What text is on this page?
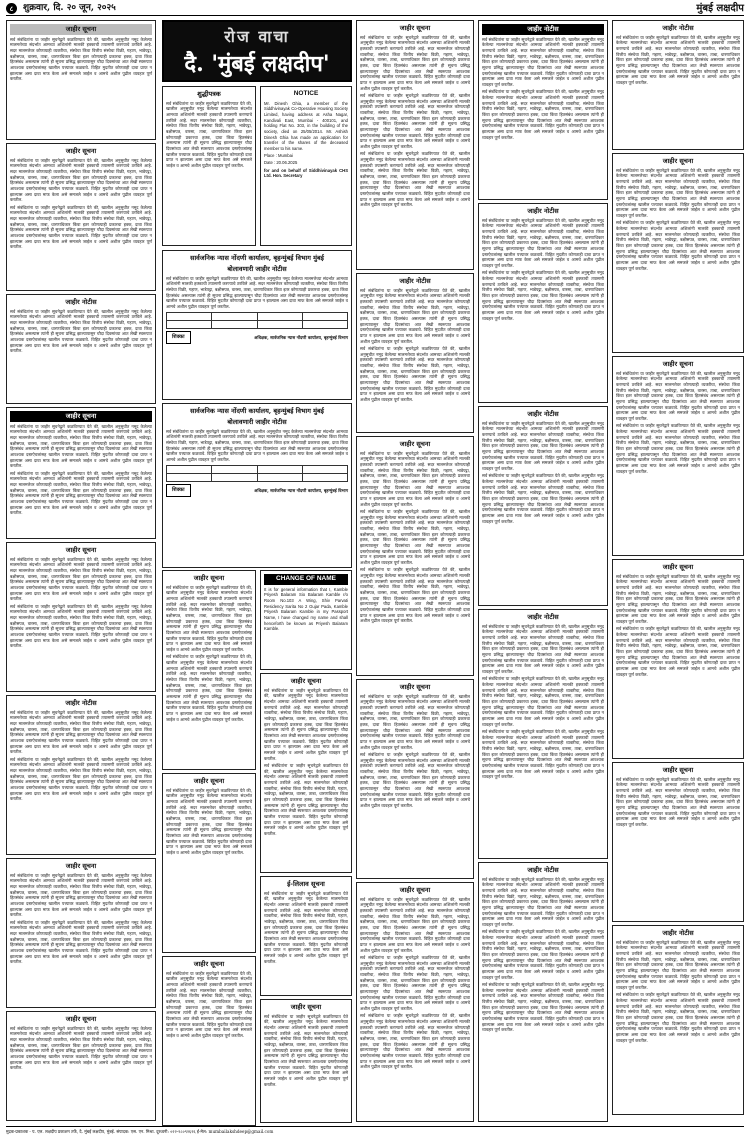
८	शुक्रवार, दि. २० जून, २०२५	मुंबई लक्षदीप
जाहीर सूचना

सर्व संबंधितांना या जाहीर सूचनेद्वारे कळविण्यात येते की, खालील अनुसूचीत नमूद केलेल्या मालमत्तेच्या संदर्भात आमच्या अशिलांनी मालकी हक्काची तपासणी करण्याचे ठरविले आहे. सदर मालमत्तेवर कोणत्याही व्यक्तीचा, संस्थेचा किंवा वित्तीय संस्थेचा विक्री, गहाण, भाडेपट्टा, बक्षीसपत्र, वारसा, ताबा, धारणाधिकार किंवा इतर कोणत्याही प्रकारचा हक्क, दावा किंवा हितसंबंध असल्यास त्यांनी ही सूचना प्रसिद्ध झाल्यापासून चौदा दिवसांच्या आत लेखी स्वरूपात आवश्यक दस्तऐवजांसह खालील पत्त्यावर कळवावे. विहित मुदतीत कोणताही दावा प्राप्त न झाल्यास असा दावा माफ केला असे समजले जाईल व आमचे अशील पुढील व्यवहार पूर्ण करतील.

जाहीर सूचना

सर्व संबंधितांना या जाहीर सूचनेद्वारे कळविण्यात येते की, खालील अनुसूचीत नमूद केलेल्या मालमत्तेच्या संदर्भात आमच्या अशिलांनी मालकी हक्काची तपासणी करण्याचे ठरविले आहे. सदर मालमत्तेवर कोणत्याही व्यक्तीचा, संस्थेचा किंवा वित्तीय संस्थेचा विक्री, गहाण, भाडेपट्टा, बक्षीसपत्र, वारसा, ताबा, धारणाधिकार किंवा इतर कोणत्याही प्रकारचा हक्क, दावा किंवा हितसंबंध असल्यास त्यांनी ही सूचना प्रसिद्ध झाल्यापासून चौदा दिवसांच्या आत लेखी स्वरूपात आवश्यक दस्तऐवजांसह खालील पत्त्यावर कळवावे. विहित मुदतीत कोणताही दावा प्राप्त न झाल्यास असा दावा माफ केला असे समजले जाईल व आमचे अशील पुढील व्यवहार पूर्ण करतील.

सर्व संबंधितांना या जाहीर सूचनेद्वारे कळविण्यात येते की, खालील अनुसूचीत नमूद केलेल्या मालमत्तेच्या संदर्भात आमच्या अशिलांनी मालकी हक्काची तपासणी करण्याचे ठरविले आहे. सदर मालमत्तेवर कोणत्याही व्यक्तीचा, संस्थेचा किंवा वित्तीय संस्थेचा विक्री, गहाण, भाडेपट्टा, बक्षीसपत्र, वारसा, ताबा, धारणाधिकार किंवा इतर कोणत्याही प्रकारचा हक्क, दावा किंवा हितसंबंध असल्यास त्यांनी ही सूचना प्रसिद्ध झाल्यापासून चौदा दिवसांच्या आत लेखी स्वरूपात आवश्यक दस्तऐवजांसह खालील पत्त्यावर कळवावे. विहित मुदतीत कोणताही दावा प्राप्त न झाल्यास असा दावा माफ केला असे समजले जाईल व आमचे अशील पुढील व्यवहार पूर्ण करतील.

जाहीर नोटीस

सर्व संबंधितांना या जाहीर सूचनेद्वारे कळविण्यात येते की, खालील अनुसूचीत नमूद केलेल्या मालमत्तेच्या संदर्भात आमच्या अशिलांनी मालकी हक्काची तपासणी करण्याचे ठरविले आहे. सदर मालमत्तेवर कोणत्याही व्यक्तीचा, संस्थेचा किंवा वित्तीय संस्थेचा विक्री, गहाण, भाडेपट्टा, बक्षीसपत्र, वारसा, ताबा, धारणाधिकार किंवा इतर कोणत्याही प्रकारचा हक्क, दावा किंवा हितसंबंध असल्यास त्यांनी ही सूचना प्रसिद्ध झाल्यापासून चौदा दिवसांच्या आत लेखी स्वरूपात आवश्यक दस्तऐवजांसह खालील पत्त्यावर कळवावे. विहित मुदतीत कोणताही दावा प्राप्त न झाल्यास असा दावा माफ केला असे समजले जाईल व आमचे अशील पुढील व्यवहार पूर्ण करतील.

जाहीर सूचना

सर्व संबंधितांना या जाहीर सूचनेद्वारे कळविण्यात येते की, खालील अनुसूचीत नमूद केलेल्या मालमत्तेच्या संदर्भात आमच्या अशिलांनी मालकी हक्काची तपासणी करण्याचे ठरविले आहे. सदर मालमत्तेवर कोणत्याही व्यक्तीचा, संस्थेचा किंवा वित्तीय संस्थेचा विक्री, गहाण, भाडेपट्टा, बक्षीसपत्र, वारसा, ताबा, धारणाधिकार किंवा इतर कोणत्याही प्रकारचा हक्क, दावा किंवा हितसंबंध असल्यास त्यांनी ही सूचना प्रसिद्ध झाल्यापासून चौदा दिवसांच्या आत लेखी स्वरूपात आवश्यक दस्तऐवजांसह खालील पत्त्यावर कळवावे. विहित मुदतीत कोणताही दावा प्राप्त न झाल्यास असा दावा माफ केला असे समजले जाईल व आमचे अशील पुढील व्यवहार पूर्ण करतील.

सर्व संबंधितांना या जाहीर सूचनेद्वारे कळविण्यात येते की, खालील अनुसूचीत नमूद केलेल्या मालमत्तेच्या संदर्भात आमच्या अशिलांनी मालकी हक्काची तपासणी करण्याचे ठरविले आहे. सदर मालमत्तेवर कोणत्याही व्यक्तीचा, संस्थेचा किंवा वित्तीय संस्थेचा विक्री, गहाण, भाडेपट्टा, बक्षीसपत्र, वारसा, ताबा, धारणाधिकार किंवा इतर कोणत्याही प्रकारचा हक्क, दावा किंवा हितसंबंध असल्यास त्यांनी ही सूचना प्रसिद्ध झाल्यापासून चौदा दिवसांच्या आत लेखी स्वरूपात आवश्यक दस्तऐवजांसह खालील पत्त्यावर कळवावे. विहित मुदतीत कोणताही दावा प्राप्त न झाल्यास असा दावा माफ केला असे समजले जाईल व आमचे अशील पुढील व्यवहार पूर्ण करतील.

जाहीर सूचना

सर्व संबंधितांना या जाहीर सूचनेद्वारे कळविण्यात येते की, खालील अनुसूचीत नमूद केलेल्या मालमत्तेच्या संदर्भात आमच्या अशिलांनी मालकी हक्काची तपासणी करण्याचे ठरविले आहे. सदर मालमत्तेवर कोणत्याही व्यक्तीचा, संस्थेचा किंवा वित्तीय संस्थेचा विक्री, गहाण, भाडेपट्टा, बक्षीसपत्र, वारसा, ताबा, धारणाधिकार किंवा इतर कोणत्याही प्रकारचा हक्क, दावा किंवा हितसंबंध असल्यास त्यांनी ही सूचना प्रसिद्ध झाल्यापासून चौदा दिवसांच्या आत लेखी स्वरूपात आवश्यक दस्तऐवजांसह खालील पत्त्यावर कळवावे. विहित मुदतीत कोणताही दावा प्राप्त न झाल्यास असा दावा माफ केला असे समजले जाईल व आमचे अशील पुढील व्यवहार पूर्ण करतील.

सर्व संबंधितांना या जाहीर सूचनेद्वारे कळविण्यात येते की, खालील अनुसूचीत नमूद केलेल्या मालमत्तेच्या संदर्भात आमच्या अशिलांनी मालकी हक्काची तपासणी करण्याचे ठरविले आहे. सदर मालमत्तेवर कोणत्याही व्यक्तीचा, संस्थेचा किंवा वित्तीय संस्थेचा विक्री, गहाण, भाडेपट्टा, बक्षीसपत्र, वारसा, ताबा, धारणाधिकार किंवा इतर कोणत्याही प्रकारचा हक्क, दावा किंवा हितसंबंध असल्यास त्यांनी ही सूचना प्रसिद्ध झाल्यापासून चौदा दिवसांच्या आत लेखी स्वरूपात आवश्यक दस्तऐवजांसह खालील पत्त्यावर कळवावे. विहित मुदतीत कोणताही दावा प्राप्त न झाल्यास असा दावा माफ केला असे समजले जाईल व आमचे अशील पुढील व्यवहार पूर्ण करतील.

जाहीर नोटीस

सर्व संबंधितांना या जाहीर सूचनेद्वारे कळविण्यात येते की, खालील अनुसूचीत नमूद केलेल्या मालमत्तेच्या संदर्भात आमच्या अशिलांनी मालकी हक्काची तपासणी करण्याचे ठरविले आहे. सदर मालमत्तेवर कोणत्याही व्यक्तीचा, संस्थेचा किंवा वित्तीय संस्थेचा विक्री, गहाण, भाडेपट्टा, बक्षीसपत्र, वारसा, ताबा, धारणाधिकार किंवा इतर कोणत्याही प्रकारचा हक्क, दावा किंवा हितसंबंध असल्यास त्यांनी ही सूचना प्रसिद्ध झाल्यापासून चौदा दिवसांच्या आत लेखी स्वरूपात आवश्यक दस्तऐवजांसह खालील पत्त्यावर कळवावे. विहित मुदतीत कोणताही दावा प्राप्त न झाल्यास असा दावा माफ केला असे समजले जाईल व आमचे अशील पुढील व्यवहार पूर्ण करतील.

सर्व संबंधितांना या जाहीर सूचनेद्वारे कळविण्यात येते की, खालील अनुसूचीत नमूद केलेल्या मालमत्तेच्या संदर्भात आमच्या अशिलांनी मालकी हक्काची तपासणी करण्याचे ठरविले आहे. सदर मालमत्तेवर कोणत्याही व्यक्तीचा, संस्थेचा किंवा वित्तीय संस्थेचा विक्री, गहाण, भाडेपट्टा, बक्षीसपत्र, वारसा, ताबा, धारणाधिकार किंवा इतर कोणत्याही प्रकारचा हक्क, दावा किंवा हितसंबंध असल्यास त्यांनी ही सूचना प्रसिद्ध झाल्यापासून चौदा दिवसांच्या आत लेखी स्वरूपात आवश्यक दस्तऐवजांसह खालील पत्त्यावर कळवावे. विहित मुदतीत कोणताही दावा प्राप्त न झाल्यास असा दावा माफ केला असे समजले जाईल व आमचे अशील पुढील व्यवहार पूर्ण करतील.

जाहीर सूचना

सर्व संबंधितांना या जाहीर सूचनेद्वारे कळविण्यात येते की, खालील अनुसूचीत नमूद केलेल्या मालमत्तेच्या संदर्भात आमच्या अशिलांनी मालकी हक्काची तपासणी करण्याचे ठरविले आहे. सदर मालमत्तेवर कोणत्याही व्यक्तीचा, संस्थेचा किंवा वित्तीय संस्थेचा विक्री, गहाण, भाडेपट्टा, बक्षीसपत्र, वारसा, ताबा, धारणाधिकार किंवा इतर कोणत्याही प्रकारचा हक्क, दावा किंवा हितसंबंध असल्यास त्यांनी ही सूचना प्रसिद्ध झाल्यापासून चौदा दिवसांच्या आत लेखी स्वरूपात आवश्यक दस्तऐवजांसह खालील पत्त्यावर कळवावे. विहित मुदतीत कोणताही दावा प्राप्त न झाल्यास असा दावा माफ केला असे समजले जाईल व आमचे अशील पुढील व्यवहार पूर्ण करतील.

सर्व संबंधितांना या जाहीर सूचनेद्वारे कळविण्यात येते की, खालील अनुसूचीत नमूद केलेल्या मालमत्तेच्या संदर्भात आमच्या अशिलांनी मालकी हक्काची तपासणी करण्याचे ठरविले आहे. सदर मालमत्तेवर कोणत्याही व्यक्तीचा, संस्थेचा किंवा वित्तीय संस्थेचा विक्री, गहाण, भाडेपट्टा, बक्षीसपत्र, वारसा, ताबा, धारणाधिकार किंवा इतर कोणत्याही प्रकारचा हक्क, दावा किंवा हितसंबंध असल्यास त्यांनी ही सूचना प्रसिद्ध झाल्यापासून चौदा दिवसांच्या आत लेखी स्वरूपात आवश्यक दस्तऐवजांसह खालील पत्त्यावर कळवावे. विहित मुदतीत कोणताही दावा प्राप्त न झाल्यास असा दावा माफ केला असे समजले जाईल व आमचे अशील पुढील व्यवहार पूर्ण करतील.

जाहीर सूचना

सर्व संबंधितांना या जाहीर सूचनेद्वारे कळविण्यात येते की, खालील अनुसूचीत नमूद केलेल्या मालमत्तेच्या संदर्भात आमच्या अशिलांनी मालकी हक्काची तपासणी करण्याचे ठरविले आहे. सदर मालमत्तेवर कोणत्याही व्यक्तीचा, संस्थेचा किंवा वित्तीय संस्थेचा विक्री, गहाण, भाडेपट्टा, बक्षीसपत्र, वारसा, ताबा, धारणाधिकार किंवा इतर कोणत्याही प्रकारचा हक्क, दावा किंवा हितसंबंध असल्यास त्यांनी ही सूचना प्रसिद्ध झाल्यापासून चौदा दिवसांच्या आत लेखी स्वरूपात आवश्यक दस्तऐवजांसह खालील पत्त्यावर कळवावे. विहित मुदतीत कोणताही दावा प्राप्त न झाल्यास असा दावा माफ केला असे समजले जाईल व आमचे अशील पुढील व्यवहार पूर्ण करतील.

रोज वाचा
दै. 'मुंबई लक्षदीप'
शुद्धीपत्रक

सर्व संबंधितांना या जाहीर सूचनेद्वारे कळविण्यात येते की, खालील अनुसूचीत नमूद केलेल्या मालमत्तेच्या संदर्भात आमच्या अशिलांनी मालकी हक्काची तपासणी करण्याचे ठरविले आहे. सदर मालमत्तेवर कोणत्याही व्यक्तीचा, संस्थेचा किंवा वित्तीय संस्थेचा विक्री, गहाण, भाडेपट्टा, बक्षीसपत्र, वारसा, ताबा, धारणाधिकार किंवा इतर कोणत्याही प्रकारचा हक्क, दावा किंवा हितसंबंध असल्यास त्यांनी ही सूचना प्रसिद्ध झाल्यापासून चौदा दिवसांच्या आत लेखी स्वरूपात आवश्यक दस्तऐवजांसह खालील पत्त्यावर कळवावे. विहित मुदतीत कोणताही दावा प्राप्त न झाल्यास असा दावा माफ केला असे समजले जाईल व आमचे अशील पुढील व्यवहार पूर्ण करतील.

NOTICE

Mr. Dinesh Ghia, a member of the Siddhivinayak Co-Operative Housing Society Limited, having address at Asha Nagar, Kandivali East, Mumbai - 400101, and holding Flat No. 303, in the building of the society, died on 25/05/2014. Mr. Ashish Dinesh Ghia has made an application for transfer of the shares of the deceased member to his name.

Place : Mumbai

Date : 20.06.2025

for and on behalf of Siddhivinayak CHS Ltd. Hon. Secretary

सार्वजनिक न्यास नोंदणी कार्यालय, बृहन्मुंबई विभाग मुंबई
बोलावणारी जाहीर नोटीस

सर्व संबंधितांना या जाहीर सूचनेद्वारे कळविण्यात येते की, खालील अनुसूचीत नमूद केलेल्या मालमत्तेच्या संदर्भात आमच्या अशिलांनी मालकी हक्काची तपासणी करण्याचे ठरविले आहे. सदर मालमत्तेवर कोणत्याही व्यक्तीचा, संस्थेचा किंवा वित्तीय संस्थेचा विक्री, गहाण, भाडेपट्टा, बक्षीसपत्र, वारसा, ताबा, धारणाधिकार किंवा इतर कोणत्याही प्रकारचा हक्क, दावा किंवा हितसंबंध असल्यास त्यांनी ही सूचना प्रसिद्ध झाल्यापासून चौदा दिवसांच्या आत लेखी स्वरूपात आवश्यक दस्तऐवजांसह खालील पत्त्यावर कळवावे. विहित मुदतीत कोणताही दावा प्राप्त न झाल्यास असा दावा माफ केला असे समजले जाईल व आमचे अशील पुढील व्यवहार पूर्ण करतील.

शिक्का	अधिक्षक, सार्वजनिक न्यास नोंदणी कार्यालय, बृहन्मुंबई विभाग
सार्वजनिक न्यास नोंदणी कार्यालय, बृहन्मुंबई विभाग मुंबई
बोलावणारी जाहीर नोटीस

सर्व संबंधितांना या जाहीर सूचनेद्वारे कळविण्यात येते की, खालील अनुसूचीत नमूद केलेल्या मालमत्तेच्या संदर्भात आमच्या अशिलांनी मालकी हक्काची तपासणी करण्याचे ठरविले आहे. सदर मालमत्तेवर कोणत्याही व्यक्तीचा, संस्थेचा किंवा वित्तीय संस्थेचा विक्री, गहाण, भाडेपट्टा, बक्षीसपत्र, वारसा, ताबा, धारणाधिकार किंवा इतर कोणत्याही प्रकारचा हक्क, दावा किंवा हितसंबंध असल्यास त्यांनी ही सूचना प्रसिद्ध झाल्यापासून चौदा दिवसांच्या आत लेखी स्वरूपात आवश्यक दस्तऐवजांसह खालील पत्त्यावर कळवावे. विहित मुदतीत कोणताही दावा प्राप्त न झाल्यास असा दावा माफ केला असे समजले जाईल व आमचे अशील पुढील व्यवहार पूर्ण करतील.

शिक्का	अधिक्षक, सार्वजनिक न्यास नोंदणी कार्यालय, बृहन्मुंबई विभाग
जाहीर सूचना

सर्व संबंधितांना या जाहीर सूचनेद्वारे कळविण्यात येते की, खालील अनुसूचीत नमूद केलेल्या मालमत्तेच्या संदर्भात आमच्या अशिलांनी मालकी हक्काची तपासणी करण्याचे ठरविले आहे. सदर मालमत्तेवर कोणत्याही व्यक्तीचा, संस्थेचा किंवा वित्तीय संस्थेचा विक्री, गहाण, भाडेपट्टा, बक्षीसपत्र, वारसा, ताबा, धारणाधिकार किंवा इतर कोणत्याही प्रकारचा हक्क, दावा किंवा हितसंबंध असल्यास त्यांनी ही सूचना प्रसिद्ध झाल्यापासून चौदा दिवसांच्या आत लेखी स्वरूपात आवश्यक दस्तऐवजांसह खालील पत्त्यावर कळवावे. विहित मुदतीत कोणताही दावा प्राप्त न झाल्यास असा दावा माफ केला असे समजले जाईल व आमचे अशील पुढील व्यवहार पूर्ण करतील.

सर्व संबंधितांना या जाहीर सूचनेद्वारे कळविण्यात येते की, खालील अनुसूचीत नमूद केलेल्या मालमत्तेच्या संदर्भात आमच्या अशिलांनी मालकी हक्काची तपासणी करण्याचे ठरविले आहे. सदर मालमत्तेवर कोणत्याही व्यक्तीचा, संस्थेचा किंवा वित्तीय संस्थेचा विक्री, गहाण, भाडेपट्टा, बक्षीसपत्र, वारसा, ताबा, धारणाधिकार किंवा इतर कोणत्याही प्रकारचा हक्क, दावा किंवा हितसंबंध असल्यास त्यांनी ही सूचना प्रसिद्ध झाल्यापासून चौदा दिवसांच्या आत लेखी स्वरूपात आवश्यक दस्तऐवजांसह खालील पत्त्यावर कळवावे. विहित मुदतीत कोणताही दावा प्राप्त न झाल्यास असा दावा माफ केला असे समजले जाईल व आमचे अशील पुढील व्यवहार पूर्ण करतील.

जाहीर सूचना

सर्व संबंधितांना या जाहीर सूचनेद्वारे कळविण्यात येते की, खालील अनुसूचीत नमूद केलेल्या मालमत्तेच्या संदर्भात आमच्या अशिलांनी मालकी हक्काची तपासणी करण्याचे ठरविले आहे. सदर मालमत्तेवर कोणत्याही व्यक्तीचा, संस्थेचा किंवा वित्तीय संस्थेचा विक्री, गहाण, भाडेपट्टा, बक्षीसपत्र, वारसा, ताबा, धारणाधिकार किंवा इतर कोणत्याही प्रकारचा हक्क, दावा किंवा हितसंबंध असल्यास त्यांनी ही सूचना प्रसिद्ध झाल्यापासून चौदा दिवसांच्या आत लेखी स्वरूपात आवश्यक दस्तऐवजांसह खालील पत्त्यावर कळवावे. विहित मुदतीत कोणताही दावा प्राप्त न झाल्यास असा दावा माफ केला असे समजले जाईल व आमचे अशील पुढील व्यवहार पूर्ण करतील.

जाहीर सूचना

सर्व संबंधितांना या जाहीर सूचनेद्वारे कळविण्यात येते की, खालील अनुसूचीत नमूद केलेल्या मालमत्तेच्या संदर्भात आमच्या अशिलांनी मालकी हक्काची तपासणी करण्याचे ठरविले आहे. सदर मालमत्तेवर कोणत्याही व्यक्तीचा, संस्थेचा किंवा वित्तीय संस्थेचा विक्री, गहाण, भाडेपट्टा, बक्षीसपत्र, वारसा, ताबा, धारणाधिकार किंवा इतर कोणत्याही प्रकारचा हक्क, दावा किंवा हितसंबंध असल्यास त्यांनी ही सूचना प्रसिद्ध झाल्यापासून चौदा दिवसांच्या आत लेखी स्वरूपात आवश्यक दस्तऐवजांसह खालील पत्त्यावर कळवावे. विहित मुदतीत कोणताही दावा प्राप्त न झाल्यास असा दावा माफ केला असे समजले जाईल व आमचे अशील पुढील व्यवहार पूर्ण करतील.

CHANGE OF NAME

It is for general information that I, Kamble Priyesh Balaram Sio Balaram Kamble r/o Room No.103 A Wing, Shiv Parvati Residency Sarita No 2 Gujar Pada, Kamble Priyesh Balaram Kamble in my Passport Name, I have changed my name and shall henceforth be known as Priyesh Balaram Kamble.

जाहीर सूचना

सर्व संबंधितांना या जाहीर सूचनेद्वारे कळविण्यात येते की, खालील अनुसूचीत नमूद केलेल्या मालमत्तेच्या संदर्भात आमच्या अशिलांनी मालकी हक्काची तपासणी करण्याचे ठरविले आहे. सदर मालमत्तेवर कोणत्याही व्यक्तीचा, संस्थेचा किंवा वित्तीय संस्थेचा विक्री, गहाण, भाडेपट्टा, बक्षीसपत्र, वारसा, ताबा, धारणाधिकार किंवा इतर कोणत्याही प्रकारचा हक्क, दावा किंवा हितसंबंध असल्यास त्यांनी ही सूचना प्रसिद्ध झाल्यापासून चौदा दिवसांच्या आत लेखी स्वरूपात आवश्यक दस्तऐवजांसह खालील पत्त्यावर कळवावे. विहित मुदतीत कोणताही दावा प्राप्त न झाल्यास असा दावा माफ केला असे समजले जाईल व आमचे अशील पुढील व्यवहार पूर्ण करतील.

सर्व संबंधितांना या जाहीर सूचनेद्वारे कळविण्यात येते की, खालील अनुसूचीत नमूद केलेल्या मालमत्तेच्या संदर्भात आमच्या अशिलांनी मालकी हक्काची तपासणी करण्याचे ठरविले आहे. सदर मालमत्तेवर कोणत्याही व्यक्तीचा, संस्थेचा किंवा वित्तीय संस्थेचा विक्री, गहाण, भाडेपट्टा, बक्षीसपत्र, वारसा, ताबा, धारणाधिकार किंवा इतर कोणत्याही प्रकारचा हक्क, दावा किंवा हितसंबंध असल्यास त्यांनी ही सूचना प्रसिद्ध झाल्यापासून चौदा दिवसांच्या आत लेखी स्वरूपात आवश्यक दस्तऐवजांसह खालील पत्त्यावर कळवावे. विहित मुदतीत कोणताही दावा प्राप्त न झाल्यास असा दावा माफ केला असे समजले जाईल व आमचे अशील पुढील व्यवहार पूर्ण करतील.

ई-लिलाव सूचना

सर्व संबंधितांना या जाहीर सूचनेद्वारे कळविण्यात येते की, खालील अनुसूचीत नमूद केलेल्या मालमत्तेच्या संदर्भात आमच्या अशिलांनी मालकी हक्काची तपासणी करण्याचे ठरविले आहे. सदर मालमत्तेवर कोणत्याही व्यक्तीचा, संस्थेचा किंवा वित्तीय संस्थेचा विक्री, गहाण, भाडेपट्टा, बक्षीसपत्र, वारसा, ताबा, धारणाधिकार किंवा इतर कोणत्याही प्रकारचा हक्क, दावा किंवा हितसंबंध असल्यास त्यांनी ही सूचना प्रसिद्ध झाल्यापासून चौदा दिवसांच्या आत लेखी स्वरूपात आवश्यक दस्तऐवजांसह खालील पत्त्यावर कळवावे. विहित मुदतीत कोणताही दावा प्राप्त न झाल्यास असा दावा माफ केला असे समजले जाईल व आमचे अशील पुढील व्यवहार पूर्ण करतील.

जाहीर सूचना

सर्व संबंधितांना या जाहीर सूचनेद्वारे कळविण्यात येते की, खालील अनुसूचीत नमूद केलेल्या मालमत्तेच्या संदर्भात आमच्या अशिलांनी मालकी हक्काची तपासणी करण्याचे ठरविले आहे. सदर मालमत्तेवर कोणत्याही व्यक्तीचा, संस्थेचा किंवा वित्तीय संस्थेचा विक्री, गहाण, भाडेपट्टा, बक्षीसपत्र, वारसा, ताबा, धारणाधिकार किंवा इतर कोणत्याही प्रकारचा हक्क, दावा किंवा हितसंबंध असल्यास त्यांनी ही सूचना प्रसिद्ध झाल्यापासून चौदा दिवसांच्या आत लेखी स्वरूपात आवश्यक दस्तऐवजांसह खालील पत्त्यावर कळवावे. विहित मुदतीत कोणताही दावा प्राप्त न झाल्यास असा दावा माफ केला असे समजले जाईल व आमचे अशील पुढील व्यवहार पूर्ण करतील.

जाहीर सूचना

सर्व संबंधितांना या जाहीर सूचनेद्वारे कळविण्यात येते की, खालील अनुसूचीत नमूद केलेल्या मालमत्तेच्या संदर्भात आमच्या अशिलांनी मालकी हक्काची तपासणी करण्याचे ठरविले आहे. सदर मालमत्तेवर कोणत्याही व्यक्तीचा, संस्थेचा किंवा वित्तीय संस्थेचा विक्री, गहाण, भाडेपट्टा, बक्षीसपत्र, वारसा, ताबा, धारणाधिकार किंवा इतर कोणत्याही प्रकारचा हक्क, दावा किंवा हितसंबंध असल्यास त्यांनी ही सूचना प्रसिद्ध झाल्यापासून चौदा दिवसांच्या आत लेखी स्वरूपात आवश्यक दस्तऐवजांसह खालील पत्त्यावर कळवावे. विहित मुदतीत कोणताही दावा प्राप्त न झाल्यास असा दावा माफ केला असे समजले जाईल व आमचे अशील पुढील व्यवहार पूर्ण करतील.

सर्व संबंधितांना या जाहीर सूचनेद्वारे कळविण्यात येते की, खालील अनुसूचीत नमूद केलेल्या मालमत्तेच्या संदर्भात आमच्या अशिलांनी मालकी हक्काची तपासणी करण्याचे ठरविले आहे. सदर मालमत्तेवर कोणत्याही व्यक्तीचा, संस्थेचा किंवा वित्तीय संस्थेचा विक्री, गहाण, भाडेपट्टा, बक्षीसपत्र, वारसा, ताबा, धारणाधिकार किंवा इतर कोणत्याही प्रकारचा हक्क, दावा किंवा हितसंबंध असल्यास त्यांनी ही सूचना प्रसिद्ध झाल्यापासून चौदा दिवसांच्या आत लेखी स्वरूपात आवश्यक दस्तऐवजांसह खालील पत्त्यावर कळवावे. विहित मुदतीत कोणताही दावा प्राप्त न झाल्यास असा दावा माफ केला असे समजले जाईल व आमचे अशील पुढील व्यवहार पूर्ण करतील.

सर्व संबंधितांना या जाहीर सूचनेद्वारे कळविण्यात येते की, खालील अनुसूचीत नमूद केलेल्या मालमत्तेच्या संदर्भात आमच्या अशिलांनी मालकी हक्काची तपासणी करण्याचे ठरविले आहे. सदर मालमत्तेवर कोणत्याही व्यक्तीचा, संस्थेचा किंवा वित्तीय संस्थेचा विक्री, गहाण, भाडेपट्टा, बक्षीसपत्र, वारसा, ताबा, धारणाधिकार किंवा इतर कोणत्याही प्रकारचा हक्क, दावा किंवा हितसंबंध असल्यास त्यांनी ही सूचना प्रसिद्ध झाल्यापासून चौदा दिवसांच्या आत लेखी स्वरूपात आवश्यक दस्तऐवजांसह खालील पत्त्यावर कळवावे. विहित मुदतीत कोणताही दावा प्राप्त न झाल्यास असा दावा माफ केला असे समजले जाईल व आमचे अशील पुढील व्यवहार पूर्ण करतील.

जाहीर नोटीस

सर्व संबंधितांना या जाहीर सूचनेद्वारे कळविण्यात येते की, खालील अनुसूचीत नमूद केलेल्या मालमत्तेच्या संदर्भात आमच्या अशिलांनी मालकी हक्काची तपासणी करण्याचे ठरविले आहे. सदर मालमत्तेवर कोणत्याही व्यक्तीचा, संस्थेचा किंवा वित्तीय संस्थेचा विक्री, गहाण, भाडेपट्टा, बक्षीसपत्र, वारसा, ताबा, धारणाधिकार किंवा इतर कोणत्याही प्रकारचा हक्क, दावा किंवा हितसंबंध असल्यास त्यांनी ही सूचना प्रसिद्ध झाल्यापासून चौदा दिवसांच्या आत लेखी स्वरूपात आवश्यक दस्तऐवजांसह खालील पत्त्यावर कळवावे. विहित मुदतीत कोणताही दावा प्राप्त न झाल्यास असा दावा माफ केला असे समजले जाईल व आमचे अशील पुढील व्यवहार पूर्ण करतील.

सर्व संबंधितांना या जाहीर सूचनेद्वारे कळविण्यात येते की, खालील अनुसूचीत नमूद केलेल्या मालमत्तेच्या संदर्भात आमच्या अशिलांनी मालकी हक्काची तपासणी करण्याचे ठरविले आहे. सदर मालमत्तेवर कोणत्याही व्यक्तीचा, संस्थेचा किंवा वित्तीय संस्थेचा विक्री, गहाण, भाडेपट्टा, बक्षीसपत्र, वारसा, ताबा, धारणाधिकार किंवा इतर कोणत्याही प्रकारचा हक्क, दावा किंवा हितसंबंध असल्यास त्यांनी ही सूचना प्रसिद्ध झाल्यापासून चौदा दिवसांच्या आत लेखी स्वरूपात आवश्यक दस्तऐवजांसह खालील पत्त्यावर कळवावे. विहित मुदतीत कोणताही दावा प्राप्त न झाल्यास असा दावा माफ केला असे समजले जाईल व आमचे अशील पुढील व्यवहार पूर्ण करतील.

जाहीर सूचना

सर्व संबंधितांना या जाहीर सूचनेद्वारे कळविण्यात येते की, खालील अनुसूचीत नमूद केलेल्या मालमत्तेच्या संदर्भात आमच्या अशिलांनी मालकी हक्काची तपासणी करण्याचे ठरविले आहे. सदर मालमत्तेवर कोणत्याही व्यक्तीचा, संस्थेचा किंवा वित्तीय संस्थेचा विक्री, गहाण, भाडेपट्टा, बक्षीसपत्र, वारसा, ताबा, धारणाधिकार किंवा इतर कोणत्याही प्रकारचा हक्क, दावा किंवा हितसंबंध असल्यास त्यांनी ही सूचना प्रसिद्ध झाल्यापासून चौदा दिवसांच्या आत लेखी स्वरूपात आवश्यक दस्तऐवजांसह खालील पत्त्यावर कळवावे. विहित मुदतीत कोणताही दावा प्राप्त न झाल्यास असा दावा माफ केला असे समजले जाईल व आमचे अशील पुढील व्यवहार पूर्ण करतील.

सर्व संबंधितांना या जाहीर सूचनेद्वारे कळविण्यात येते की, खालील अनुसूचीत नमूद केलेल्या मालमत्तेच्या संदर्भात आमच्या अशिलांनी मालकी हक्काची तपासणी करण्याचे ठरविले आहे. सदर मालमत्तेवर कोणत्याही व्यक्तीचा, संस्थेचा किंवा वित्तीय संस्थेचा विक्री, गहाण, भाडेपट्टा, बक्षीसपत्र, वारसा, ताबा, धारणाधिकार किंवा इतर कोणत्याही प्रकारचा हक्क, दावा किंवा हितसंबंध असल्यास त्यांनी ही सूचना प्रसिद्ध झाल्यापासून चौदा दिवसांच्या आत लेखी स्वरूपात आवश्यक दस्तऐवजांसह खालील पत्त्यावर कळवावे. विहित मुदतीत कोणताही दावा प्राप्त न झाल्यास असा दावा माफ केला असे समजले जाईल व आमचे अशील पुढील व्यवहार पूर्ण करतील.

सर्व संबंधितांना या जाहीर सूचनेद्वारे कळविण्यात येते की, खालील अनुसूचीत नमूद केलेल्या मालमत्तेच्या संदर्भात आमच्या अशिलांनी मालकी हक्काची तपासणी करण्याचे ठरविले आहे. सदर मालमत्तेवर कोणत्याही व्यक्तीचा, संस्थेचा किंवा वित्तीय संस्थेचा विक्री, गहाण, भाडेपट्टा, बक्षीसपत्र, वारसा, ताबा, धारणाधिकार किंवा इतर कोणत्याही प्रकारचा हक्क, दावा किंवा हितसंबंध असल्यास त्यांनी ही सूचना प्रसिद्ध झाल्यापासून चौदा दिवसांच्या आत लेखी स्वरूपात आवश्यक दस्तऐवजांसह खालील पत्त्यावर कळवावे. विहित मुदतीत कोणताही दावा प्राप्त न झाल्यास असा दावा माफ केला असे समजले जाईल व आमचे अशील पुढील व्यवहार पूर्ण करतील.

जाहीर सूचना

सर्व संबंधितांना या जाहीर सूचनेद्वारे कळविण्यात येते की, खालील अनुसूचीत नमूद केलेल्या मालमत्तेच्या संदर्भात आमच्या अशिलांनी मालकी हक्काची तपासणी करण्याचे ठरविले आहे. सदर मालमत्तेवर कोणत्याही व्यक्तीचा, संस्थेचा किंवा वित्तीय संस्थेचा विक्री, गहाण, भाडेपट्टा, बक्षीसपत्र, वारसा, ताबा, धारणाधिकार किंवा इतर कोणत्याही प्रकारचा हक्क, दावा किंवा हितसंबंध असल्यास त्यांनी ही सूचना प्रसिद्ध झाल्यापासून चौदा दिवसांच्या आत लेखी स्वरूपात आवश्यक दस्तऐवजांसह खालील पत्त्यावर कळवावे. विहित मुदतीत कोणताही दावा प्राप्त न झाल्यास असा दावा माफ केला असे समजले जाईल व आमचे अशील पुढील व्यवहार पूर्ण करतील.

सर्व संबंधितांना या जाहीर सूचनेद्वारे कळविण्यात येते की, खालील अनुसूचीत नमूद केलेल्या मालमत्तेच्या संदर्भात आमच्या अशिलांनी मालकी हक्काची तपासणी करण्याचे ठरविले आहे. सदर मालमत्तेवर कोणत्याही व्यक्तीचा, संस्थेचा किंवा वित्तीय संस्थेचा विक्री, गहाण, भाडेपट्टा, बक्षीसपत्र, वारसा, ताबा, धारणाधिकार किंवा इतर कोणत्याही प्रकारचा हक्क, दावा किंवा हितसंबंध असल्यास त्यांनी ही सूचना प्रसिद्ध झाल्यापासून चौदा दिवसांच्या आत लेखी स्वरूपात आवश्यक दस्तऐवजांसह खालील पत्त्यावर कळवावे. विहित मुदतीत कोणताही दावा प्राप्त न झाल्यास असा दावा माफ केला असे समजले जाईल व आमचे अशील पुढील व्यवहार पूर्ण करतील.

जाहीर सूचना

सर्व संबंधितांना या जाहीर सूचनेद्वारे कळविण्यात येते की, खालील अनुसूचीत नमूद केलेल्या मालमत्तेच्या संदर्भात आमच्या अशिलांनी मालकी हक्काची तपासणी करण्याचे ठरविले आहे. सदर मालमत्तेवर कोणत्याही व्यक्तीचा, संस्थेचा किंवा वित्तीय संस्थेचा विक्री, गहाण, भाडेपट्टा, बक्षीसपत्र, वारसा, ताबा, धारणाधिकार किंवा इतर कोणत्याही प्रकारचा हक्क, दावा किंवा हितसंबंध असल्यास त्यांनी ही सूचना प्रसिद्ध झाल्यापासून चौदा दिवसांच्या आत लेखी स्वरूपात आवश्यक दस्तऐवजांसह खालील पत्त्यावर कळवावे. विहित मुदतीत कोणताही दावा प्राप्त न झाल्यास असा दावा माफ केला असे समजले जाईल व आमचे अशील पुढील व्यवहार पूर्ण करतील.

सर्व संबंधितांना या जाहीर सूचनेद्वारे कळविण्यात येते की, खालील अनुसूचीत नमूद केलेल्या मालमत्तेच्या संदर्भात आमच्या अशिलांनी मालकी हक्काची तपासणी करण्याचे ठरविले आहे. सदर मालमत्तेवर कोणत्याही व्यक्तीचा, संस्थेचा किंवा वित्तीय संस्थेचा विक्री, गहाण, भाडेपट्टा, बक्षीसपत्र, वारसा, ताबा, धारणाधिकार किंवा इतर कोणत्याही प्रकारचा हक्क, दावा किंवा हितसंबंध असल्यास त्यांनी ही सूचना प्रसिद्ध झाल्यापासून चौदा दिवसांच्या आत लेखी स्वरूपात आवश्यक दस्तऐवजांसह खालील पत्त्यावर कळवावे. विहित मुदतीत कोणताही दावा प्राप्त न झाल्यास असा दावा माफ केला असे समजले जाईल व आमचे अशील पुढील व्यवहार पूर्ण करतील.

सर्व संबंधितांना या जाहीर सूचनेद्वारे कळविण्यात येते की, खालील अनुसूचीत नमूद केलेल्या मालमत्तेच्या संदर्भात आमच्या अशिलांनी मालकी हक्काची तपासणी करण्याचे ठरविले आहे. सदर मालमत्तेवर कोणत्याही व्यक्तीचा, संस्थेचा किंवा वित्तीय संस्थेचा विक्री, गहाण, भाडेपट्टा, बक्षीसपत्र, वारसा, ताबा, धारणाधिकार किंवा इतर कोणत्याही प्रकारचा हक्क, दावा किंवा हितसंबंध असल्यास त्यांनी ही सूचना प्रसिद्ध झाल्यापासून चौदा दिवसांच्या आत लेखी स्वरूपात आवश्यक दस्तऐवजांसह खालील पत्त्यावर कळवावे. विहित मुदतीत कोणताही दावा प्राप्त न झाल्यास असा दावा माफ केला असे समजले जाईल व आमचे अशील पुढील व्यवहार पूर्ण करतील.

जाहीर नोटीस

सर्व संबंधितांना या जाहीर सूचनेद्वारे कळविण्यात येते की, खालील अनुसूचीत नमूद केलेल्या मालमत्तेच्या संदर्भात आमच्या अशिलांनी मालकी हक्काची तपासणी करण्याचे ठरविले आहे. सदर मालमत्तेवर कोणत्याही व्यक्तीचा, संस्थेचा किंवा वित्तीय संस्थेचा विक्री, गहाण, भाडेपट्टा, बक्षीसपत्र, वारसा, ताबा, धारणाधिकार किंवा इतर कोणत्याही प्रकारचा हक्क, दावा किंवा हितसंबंध असल्यास त्यांनी ही सूचना प्रसिद्ध झाल्यापासून चौदा दिवसांच्या आत लेखी स्वरूपात आवश्यक दस्तऐवजांसह खालील पत्त्यावर कळवावे. विहित मुदतीत कोणताही दावा प्राप्त न झाल्यास असा दावा माफ केला असे समजले जाईल व आमचे अशील पुढील व्यवहार पूर्ण करतील.

सर्व संबंधितांना या जाहीर सूचनेद्वारे कळविण्यात येते की, खालील अनुसूचीत नमूद केलेल्या मालमत्तेच्या संदर्भात आमच्या अशिलांनी मालकी हक्काची तपासणी करण्याचे ठरविले आहे. सदर मालमत्तेवर कोणत्याही व्यक्तीचा, संस्थेचा किंवा वित्तीय संस्थेचा विक्री, गहाण, भाडेपट्टा, बक्षीसपत्र, वारसा, ताबा, धारणाधिकार किंवा इतर कोणत्याही प्रकारचा हक्क, दावा किंवा हितसंबंध असल्यास त्यांनी ही सूचना प्रसिद्ध झाल्यापासून चौदा दिवसांच्या आत लेखी स्वरूपात आवश्यक दस्तऐवजांसह खालील पत्त्यावर कळवावे. विहित मुदतीत कोणताही दावा प्राप्त न झाल्यास असा दावा माफ केला असे समजले जाईल व आमचे अशील पुढील व्यवहार पूर्ण करतील.

जाहीर नोटीस

सर्व संबंधितांना या जाहीर सूचनेद्वारे कळविण्यात येते की, खालील अनुसूचीत नमूद केलेल्या मालमत्तेच्या संदर्भात आमच्या अशिलांनी मालकी हक्काची तपासणी करण्याचे ठरविले आहे. सदर मालमत्तेवर कोणत्याही व्यक्तीचा, संस्थेचा किंवा वित्तीय संस्थेचा विक्री, गहाण, भाडेपट्टा, बक्षीसपत्र, वारसा, ताबा, धारणाधिकार किंवा इतर कोणत्याही प्रकारचा हक्क, दावा किंवा हितसंबंध असल्यास त्यांनी ही सूचना प्रसिद्ध झाल्यापासून चौदा दिवसांच्या आत लेखी स्वरूपात आवश्यक दस्तऐवजांसह खालील पत्त्यावर कळवावे. विहित मुदतीत कोणताही दावा प्राप्त न झाल्यास असा दावा माफ केला असे समजले जाईल व आमचे अशील पुढील व्यवहार पूर्ण करतील.

सर्व संबंधितांना या जाहीर सूचनेद्वारे कळविण्यात येते की, खालील अनुसूचीत नमूद केलेल्या मालमत्तेच्या संदर्भात आमच्या अशिलांनी मालकी हक्काची तपासणी करण्याचे ठरविले आहे. सदर मालमत्तेवर कोणत्याही व्यक्तीचा, संस्थेचा किंवा वित्तीय संस्थेचा विक्री, गहाण, भाडेपट्टा, बक्षीसपत्र, वारसा, ताबा, धारणाधिकार किंवा इतर कोणत्याही प्रकारचा हक्क, दावा किंवा हितसंबंध असल्यास त्यांनी ही सूचना प्रसिद्ध झाल्यापासून चौदा दिवसांच्या आत लेखी स्वरूपात आवश्यक दस्तऐवजांसह खालील पत्त्यावर कळवावे. विहित मुदतीत कोणताही दावा प्राप्त न झाल्यास असा दावा माफ केला असे समजले जाईल व आमचे अशील पुढील व्यवहार पूर्ण करतील.

जाहीर नोटीस

सर्व संबंधितांना या जाहीर सूचनेद्वारे कळविण्यात येते की, खालील अनुसूचीत नमूद केलेल्या मालमत्तेच्या संदर्भात आमच्या अशिलांनी मालकी हक्काची तपासणी करण्याचे ठरविले आहे. सदर मालमत्तेवर कोणत्याही व्यक्तीचा, संस्थेचा किंवा वित्तीय संस्थेचा विक्री, गहाण, भाडेपट्टा, बक्षीसपत्र, वारसा, ताबा, धारणाधिकार किंवा इतर कोणत्याही प्रकारचा हक्क, दावा किंवा हितसंबंध असल्यास त्यांनी ही सूचना प्रसिद्ध झाल्यापासून चौदा दिवसांच्या आत लेखी स्वरूपात आवश्यक दस्तऐवजांसह खालील पत्त्यावर कळवावे. विहित मुदतीत कोणताही दावा प्राप्त न झाल्यास असा दावा माफ केला असे समजले जाईल व आमचे अशील पुढील व्यवहार पूर्ण करतील.

सर्व संबंधितांना या जाहीर सूचनेद्वारे कळविण्यात येते की, खालील अनुसूचीत नमूद केलेल्या मालमत्तेच्या संदर्भात आमच्या अशिलांनी मालकी हक्काची तपासणी करण्याचे ठरविले आहे. सदर मालमत्तेवर कोणत्याही व्यक्तीचा, संस्थेचा किंवा वित्तीय संस्थेचा विक्री, गहाण, भाडेपट्टा, बक्षीसपत्र, वारसा, ताबा, धारणाधिकार किंवा इतर कोणत्याही प्रकारचा हक्क, दावा किंवा हितसंबंध असल्यास त्यांनी ही सूचना प्रसिद्ध झाल्यापासून चौदा दिवसांच्या आत लेखी स्वरूपात आवश्यक दस्तऐवजांसह खालील पत्त्यावर कळवावे. विहित मुदतीत कोणताही दावा प्राप्त न झाल्यास असा दावा माफ केला असे समजले जाईल व आमचे अशील पुढील व्यवहार पूर्ण करतील.

जाहीर नोटीस

सर्व संबंधितांना या जाहीर सूचनेद्वारे कळविण्यात येते की, खालील अनुसूचीत नमूद केलेल्या मालमत्तेच्या संदर्भात आमच्या अशिलांनी मालकी हक्काची तपासणी करण्याचे ठरविले आहे. सदर मालमत्तेवर कोणत्याही व्यक्तीचा, संस्थेचा किंवा वित्तीय संस्थेचा विक्री, गहाण, भाडेपट्टा, बक्षीसपत्र, वारसा, ताबा, धारणाधिकार किंवा इतर कोणत्याही प्रकारचा हक्क, दावा किंवा हितसंबंध असल्यास त्यांनी ही सूचना प्रसिद्ध झाल्यापासून चौदा दिवसांच्या आत लेखी स्वरूपात आवश्यक दस्तऐवजांसह खालील पत्त्यावर कळवावे. विहित मुदतीत कोणताही दावा प्राप्त न झाल्यास असा दावा माफ केला असे समजले जाईल व आमचे अशील पुढील व्यवहार पूर्ण करतील.

सर्व संबंधितांना या जाहीर सूचनेद्वारे कळविण्यात येते की, खालील अनुसूचीत नमूद केलेल्या मालमत्तेच्या संदर्भात आमच्या अशिलांनी मालकी हक्काची तपासणी करण्याचे ठरविले आहे. सदर मालमत्तेवर कोणत्याही व्यक्तीचा, संस्थेचा किंवा वित्तीय संस्थेचा विक्री, गहाण, भाडेपट्टा, बक्षीसपत्र, वारसा, ताबा, धारणाधिकार किंवा इतर कोणत्याही प्रकारचा हक्क, दावा किंवा हितसंबंध असल्यास त्यांनी ही सूचना प्रसिद्ध झाल्यापासून चौदा दिवसांच्या आत लेखी स्वरूपात आवश्यक दस्तऐवजांसह खालील पत्त्यावर कळवावे. विहित मुदतीत कोणताही दावा प्राप्त न झाल्यास असा दावा माफ केला असे समजले जाईल व आमचे अशील पुढील व्यवहार पूर्ण करतील.

सर्व संबंधितांना या जाहीर सूचनेद्वारे कळविण्यात येते की, खालील अनुसूचीत नमूद केलेल्या मालमत्तेच्या संदर्भात आमच्या अशिलांनी मालकी हक्काची तपासणी करण्याचे ठरविले आहे. सदर मालमत्तेवर कोणत्याही व्यक्तीचा, संस्थेचा किंवा वित्तीय संस्थेचा विक्री, गहाण, भाडेपट्टा, बक्षीसपत्र, वारसा, ताबा, धारणाधिकार किंवा इतर कोणत्याही प्रकारचा हक्क, दावा किंवा हितसंबंध असल्यास त्यांनी ही सूचना प्रसिद्ध झाल्यापासून चौदा दिवसांच्या आत लेखी स्वरूपात आवश्यक दस्तऐवजांसह खालील पत्त्यावर कळवावे. विहित मुदतीत कोणताही दावा प्राप्त न झाल्यास असा दावा माफ केला असे समजले जाईल व आमचे अशील पुढील व्यवहार पूर्ण करतील.

जाहीर नोटीस

सर्व संबंधितांना या जाहीर सूचनेद्वारे कळविण्यात येते की, खालील अनुसूचीत नमूद केलेल्या मालमत्तेच्या संदर्भात आमच्या अशिलांनी मालकी हक्काची तपासणी करण्याचे ठरविले आहे. सदर मालमत्तेवर कोणत्याही व्यक्तीचा, संस्थेचा किंवा वित्तीय संस्थेचा विक्री, गहाण, भाडेपट्टा, बक्षीसपत्र, वारसा, ताबा, धारणाधिकार किंवा इतर कोणत्याही प्रकारचा हक्क, दावा किंवा हितसंबंध असल्यास त्यांनी ही सूचना प्रसिद्ध झाल्यापासून चौदा दिवसांच्या आत लेखी स्वरूपात आवश्यक दस्तऐवजांसह खालील पत्त्यावर कळवावे. विहित मुदतीत कोणताही दावा प्राप्त न झाल्यास असा दावा माफ केला असे समजले जाईल व आमचे अशील पुढील व्यवहार पूर्ण करतील.

सर्व संबंधितांना या जाहीर सूचनेद्वारे कळविण्यात येते की, खालील अनुसूचीत नमूद केलेल्या मालमत्तेच्या संदर्भात आमच्या अशिलांनी मालकी हक्काची तपासणी करण्याचे ठरविले आहे. सदर मालमत्तेवर कोणत्याही व्यक्तीचा, संस्थेचा किंवा वित्तीय संस्थेचा विक्री, गहाण, भाडेपट्टा, बक्षीसपत्र, वारसा, ताबा, धारणाधिकार किंवा इतर कोणत्याही प्रकारचा हक्क, दावा किंवा हितसंबंध असल्यास त्यांनी ही सूचना प्रसिद्ध झाल्यापासून चौदा दिवसांच्या आत लेखी स्वरूपात आवश्यक दस्तऐवजांसह खालील पत्त्यावर कळवावे. विहित मुदतीत कोणताही दावा प्राप्त न झाल्यास असा दावा माफ केला असे समजले जाईल व आमचे अशील पुढील व्यवहार पूर्ण करतील.

सर्व संबंधितांना या जाहीर सूचनेद्वारे कळविण्यात येते की, खालील अनुसूचीत नमूद केलेल्या मालमत्तेच्या संदर्भात आमच्या अशिलांनी मालकी हक्काची तपासणी करण्याचे ठरविले आहे. सदर मालमत्तेवर कोणत्याही व्यक्तीचा, संस्थेचा किंवा वित्तीय संस्थेचा विक्री, गहाण, भाडेपट्टा, बक्षीसपत्र, वारसा, ताबा, धारणाधिकार किंवा इतर कोणत्याही प्रकारचा हक्क, दावा किंवा हितसंबंध असल्यास त्यांनी ही सूचना प्रसिद्ध झाल्यापासून चौदा दिवसांच्या आत लेखी स्वरूपात आवश्यक दस्तऐवजांसह खालील पत्त्यावर कळवावे. विहित मुदतीत कोणताही दावा प्राप्त न झाल्यास असा दावा माफ केला असे समजले जाईल व आमचे अशील पुढील व्यवहार पूर्ण करतील.

जाहीर नोटीस

सर्व संबंधितांना या जाहीर सूचनेद्वारे कळविण्यात येते की, खालील अनुसूचीत नमूद केलेल्या मालमत्तेच्या संदर्भात आमच्या अशिलांनी मालकी हक्काची तपासणी करण्याचे ठरविले आहे. सदर मालमत्तेवर कोणत्याही व्यक्तीचा, संस्थेचा किंवा वित्तीय संस्थेचा विक्री, गहाण, भाडेपट्टा, बक्षीसपत्र, वारसा, ताबा, धारणाधिकार किंवा इतर कोणत्याही प्रकारचा हक्क, दावा किंवा हितसंबंध असल्यास त्यांनी ही सूचना प्रसिद्ध झाल्यापासून चौदा दिवसांच्या आत लेखी स्वरूपात आवश्यक दस्तऐवजांसह खालील पत्त्यावर कळवावे. विहित मुदतीत कोणताही दावा प्राप्त न झाल्यास असा दावा माफ केला असे समजले जाईल व आमचे अशील पुढील व्यवहार पूर्ण करतील.

जाहीर सूचना

सर्व संबंधितांना या जाहीर सूचनेद्वारे कळविण्यात येते की, खालील अनुसूचीत नमूद केलेल्या मालमत्तेच्या संदर्भात आमच्या अशिलांनी मालकी हक्काची तपासणी करण्याचे ठरविले आहे. सदर मालमत्तेवर कोणत्याही व्यक्तीचा, संस्थेचा किंवा वित्तीय संस्थेचा विक्री, गहाण, भाडेपट्टा, बक्षीसपत्र, वारसा, ताबा, धारणाधिकार किंवा इतर कोणत्याही प्रकारचा हक्क, दावा किंवा हितसंबंध असल्यास त्यांनी ही सूचना प्रसिद्ध झाल्यापासून चौदा दिवसांच्या आत लेखी स्वरूपात आवश्यक दस्तऐवजांसह खालील पत्त्यावर कळवावे. विहित मुदतीत कोणताही दावा प्राप्त न झाल्यास असा दावा माफ केला असे समजले जाईल व आमचे अशील पुढील व्यवहार पूर्ण करतील.

सर्व संबंधितांना या जाहीर सूचनेद्वारे कळविण्यात येते की, खालील अनुसूचीत नमूद केलेल्या मालमत्तेच्या संदर्भात आमच्या अशिलांनी मालकी हक्काची तपासणी करण्याचे ठरविले आहे. सदर मालमत्तेवर कोणत्याही व्यक्तीचा, संस्थेचा किंवा वित्तीय संस्थेचा विक्री, गहाण, भाडेपट्टा, बक्षीसपत्र, वारसा, ताबा, धारणाधिकार किंवा इतर कोणत्याही प्रकारचा हक्क, दावा किंवा हितसंबंध असल्यास त्यांनी ही सूचना प्रसिद्ध झाल्यापासून चौदा दिवसांच्या आत लेखी स्वरूपात आवश्यक दस्तऐवजांसह खालील पत्त्यावर कळवावे. विहित मुदतीत कोणताही दावा प्राप्त न झाल्यास असा दावा माफ केला असे समजले जाईल व आमचे अशील पुढील व्यवहार पूर्ण करतील.

जाहीर सूचना

सर्व संबंधितांना या जाहीर सूचनेद्वारे कळविण्यात येते की, खालील अनुसूचीत नमूद केलेल्या मालमत्तेच्या संदर्भात आमच्या अशिलांनी मालकी हक्काची तपासणी करण्याचे ठरविले आहे. सदर मालमत्तेवर कोणत्याही व्यक्तीचा, संस्थेचा किंवा वित्तीय संस्थेचा विक्री, गहाण, भाडेपट्टा, बक्षीसपत्र, वारसा, ताबा, धारणाधिकार किंवा इतर कोणत्याही प्रकारचा हक्क, दावा किंवा हितसंबंध असल्यास त्यांनी ही सूचना प्रसिद्ध झाल्यापासून चौदा दिवसांच्या आत लेखी स्वरूपात आवश्यक दस्तऐवजांसह खालील पत्त्यावर कळवावे. विहित मुदतीत कोणताही दावा प्राप्त न झाल्यास असा दावा माफ केला असे समजले जाईल व आमचे अशील पुढील व्यवहार पूर्ण करतील.

सर्व संबंधितांना या जाहीर सूचनेद्वारे कळविण्यात येते की, खालील अनुसूचीत नमूद केलेल्या मालमत्तेच्या संदर्भात आमच्या अशिलांनी मालकी हक्काची तपासणी करण्याचे ठरविले आहे. सदर मालमत्तेवर कोणत्याही व्यक्तीचा, संस्थेचा किंवा वित्तीय संस्थेचा विक्री, गहाण, भाडेपट्टा, बक्षीसपत्र, वारसा, ताबा, धारणाधिकार किंवा इतर कोणत्याही प्रकारचा हक्क, दावा किंवा हितसंबंध असल्यास त्यांनी ही सूचना प्रसिद्ध झाल्यापासून चौदा दिवसांच्या आत लेखी स्वरूपात आवश्यक दस्तऐवजांसह खालील पत्त्यावर कळवावे. विहित मुदतीत कोणताही दावा प्राप्त न झाल्यास असा दावा माफ केला असे समजले जाईल व आमचे अशील पुढील व्यवहार पूर्ण करतील.

जाहीर सूचना

सर्व संबंधितांना या जाहीर सूचनेद्वारे कळविण्यात येते की, खालील अनुसूचीत नमूद केलेल्या मालमत्तेच्या संदर्भात आमच्या अशिलांनी मालकी हक्काची तपासणी करण्याचे ठरविले आहे. सदर मालमत्तेवर कोणत्याही व्यक्तीचा, संस्थेचा किंवा वित्तीय संस्थेचा विक्री, गहाण, भाडेपट्टा, बक्षीसपत्र, वारसा, ताबा, धारणाधिकार किंवा इतर कोणत्याही प्रकारचा हक्क, दावा किंवा हितसंबंध असल्यास त्यांनी ही सूचना प्रसिद्ध झाल्यापासून चौदा दिवसांच्या आत लेखी स्वरूपात आवश्यक दस्तऐवजांसह खालील पत्त्यावर कळवावे. विहित मुदतीत कोणताही दावा प्राप्त न झाल्यास असा दावा माफ केला असे समजले जाईल व आमचे अशील पुढील व्यवहार पूर्ण करतील.

सर्व संबंधितांना या जाहीर सूचनेद्वारे कळविण्यात येते की, खालील अनुसूचीत नमूद केलेल्या मालमत्तेच्या संदर्भात आमच्या अशिलांनी मालकी हक्काची तपासणी करण्याचे ठरविले आहे. सदर मालमत्तेवर कोणत्याही व्यक्तीचा, संस्थेचा किंवा वित्तीय संस्थेचा विक्री, गहाण, भाडेपट्टा, बक्षीसपत्र, वारसा, ताबा, धारणाधिकार किंवा इतर कोणत्याही प्रकारचा हक्क, दावा किंवा हितसंबंध असल्यास त्यांनी ही सूचना प्रसिद्ध झाल्यापासून चौदा दिवसांच्या आत लेखी स्वरूपात आवश्यक दस्तऐवजांसह खालील पत्त्यावर कळवावे. विहित मुदतीत कोणताही दावा प्राप्त न झाल्यास असा दावा माफ केला असे समजले जाईल व आमचे अशील पुढील व्यवहार पूर्ण करतील.

जाहीर सूचना

सर्व संबंधितांना या जाहीर सूचनेद्वारे कळविण्यात येते की, खालील अनुसूचीत नमूद केलेल्या मालमत्तेच्या संदर्भात आमच्या अशिलांनी मालकी हक्काची तपासणी करण्याचे ठरविले आहे. सदर मालमत्तेवर कोणत्याही व्यक्तीचा, संस्थेचा किंवा वित्तीय संस्थेचा विक्री, गहाण, भाडेपट्टा, बक्षीसपत्र, वारसा, ताबा, धारणाधिकार किंवा इतर कोणत्याही प्रकारचा हक्क, दावा किंवा हितसंबंध असल्यास त्यांनी ही सूचना प्रसिद्ध झाल्यापासून चौदा दिवसांच्या आत लेखी स्वरूपात आवश्यक दस्तऐवजांसह खालील पत्त्यावर कळवावे. विहित मुदतीत कोणताही दावा प्राप्त न झाल्यास असा दावा माफ केला असे समजले जाईल व आमचे अशील पुढील व्यवहार पूर्ण करतील.

जाहीर नोटीस

सर्व संबंधितांना या जाहीर सूचनेद्वारे कळविण्यात येते की, खालील अनुसूचीत नमूद केलेल्या मालमत्तेच्या संदर्भात आमच्या अशिलांनी मालकी हक्काची तपासणी करण्याचे ठरविले आहे. सदर मालमत्तेवर कोणत्याही व्यक्तीचा, संस्थेचा किंवा वित्तीय संस्थेचा विक्री, गहाण, भाडेपट्टा, बक्षीसपत्र, वारसा, ताबा, धारणाधिकार किंवा इतर कोणत्याही प्रकारचा हक्क, दावा किंवा हितसंबंध असल्यास त्यांनी ही सूचना प्रसिद्ध झाल्यापासून चौदा दिवसांच्या आत लेखी स्वरूपात आवश्यक दस्तऐवजांसह खालील पत्त्यावर कळवावे. विहित मुदतीत कोणताही दावा प्राप्त न झाल्यास असा दावा माफ केला असे समजले जाईल व आमचे अशील पुढील व्यवहार पूर्ण करतील.

सर्व संबंधितांना या जाहीर सूचनेद्वारे कळविण्यात येते की, खालील अनुसूचीत नमूद केलेल्या मालमत्तेच्या संदर्भात आमच्या अशिलांनी मालकी हक्काची तपासणी करण्याचे ठरविले आहे. सदर मालमत्तेवर कोणत्याही व्यक्तीचा, संस्थेचा किंवा वित्तीय संस्थेचा विक्री, गहाण, भाडेपट्टा, बक्षीसपत्र, वारसा, ताबा, धारणाधिकार किंवा इतर कोणत्याही प्रकारचा हक्क, दावा किंवा हितसंबंध असल्यास त्यांनी ही सूचना प्रसिद्ध झाल्यापासून चौदा दिवसांच्या आत लेखी स्वरूपात आवश्यक दस्तऐवजांसह खालील पत्त्यावर कळवावे. विहित मुदतीत कोणताही दावा प्राप्त न झाल्यास असा दावा माफ केला असे समजले जाईल व आमचे अशील पुढील व्यवहार पूर्ण करतील.

मुद्रक-प्रकाशक - प. एल. लक्षदीप प्रकाशन तर्फे, दै. मुंबई लक्षदीप, मुंबई. संपादक: एस. एन. मिश्रा. दूरध्वनी: ०२२-२८०९२६२६ ई-मेल: mumbailakshdeep@gmail.com
